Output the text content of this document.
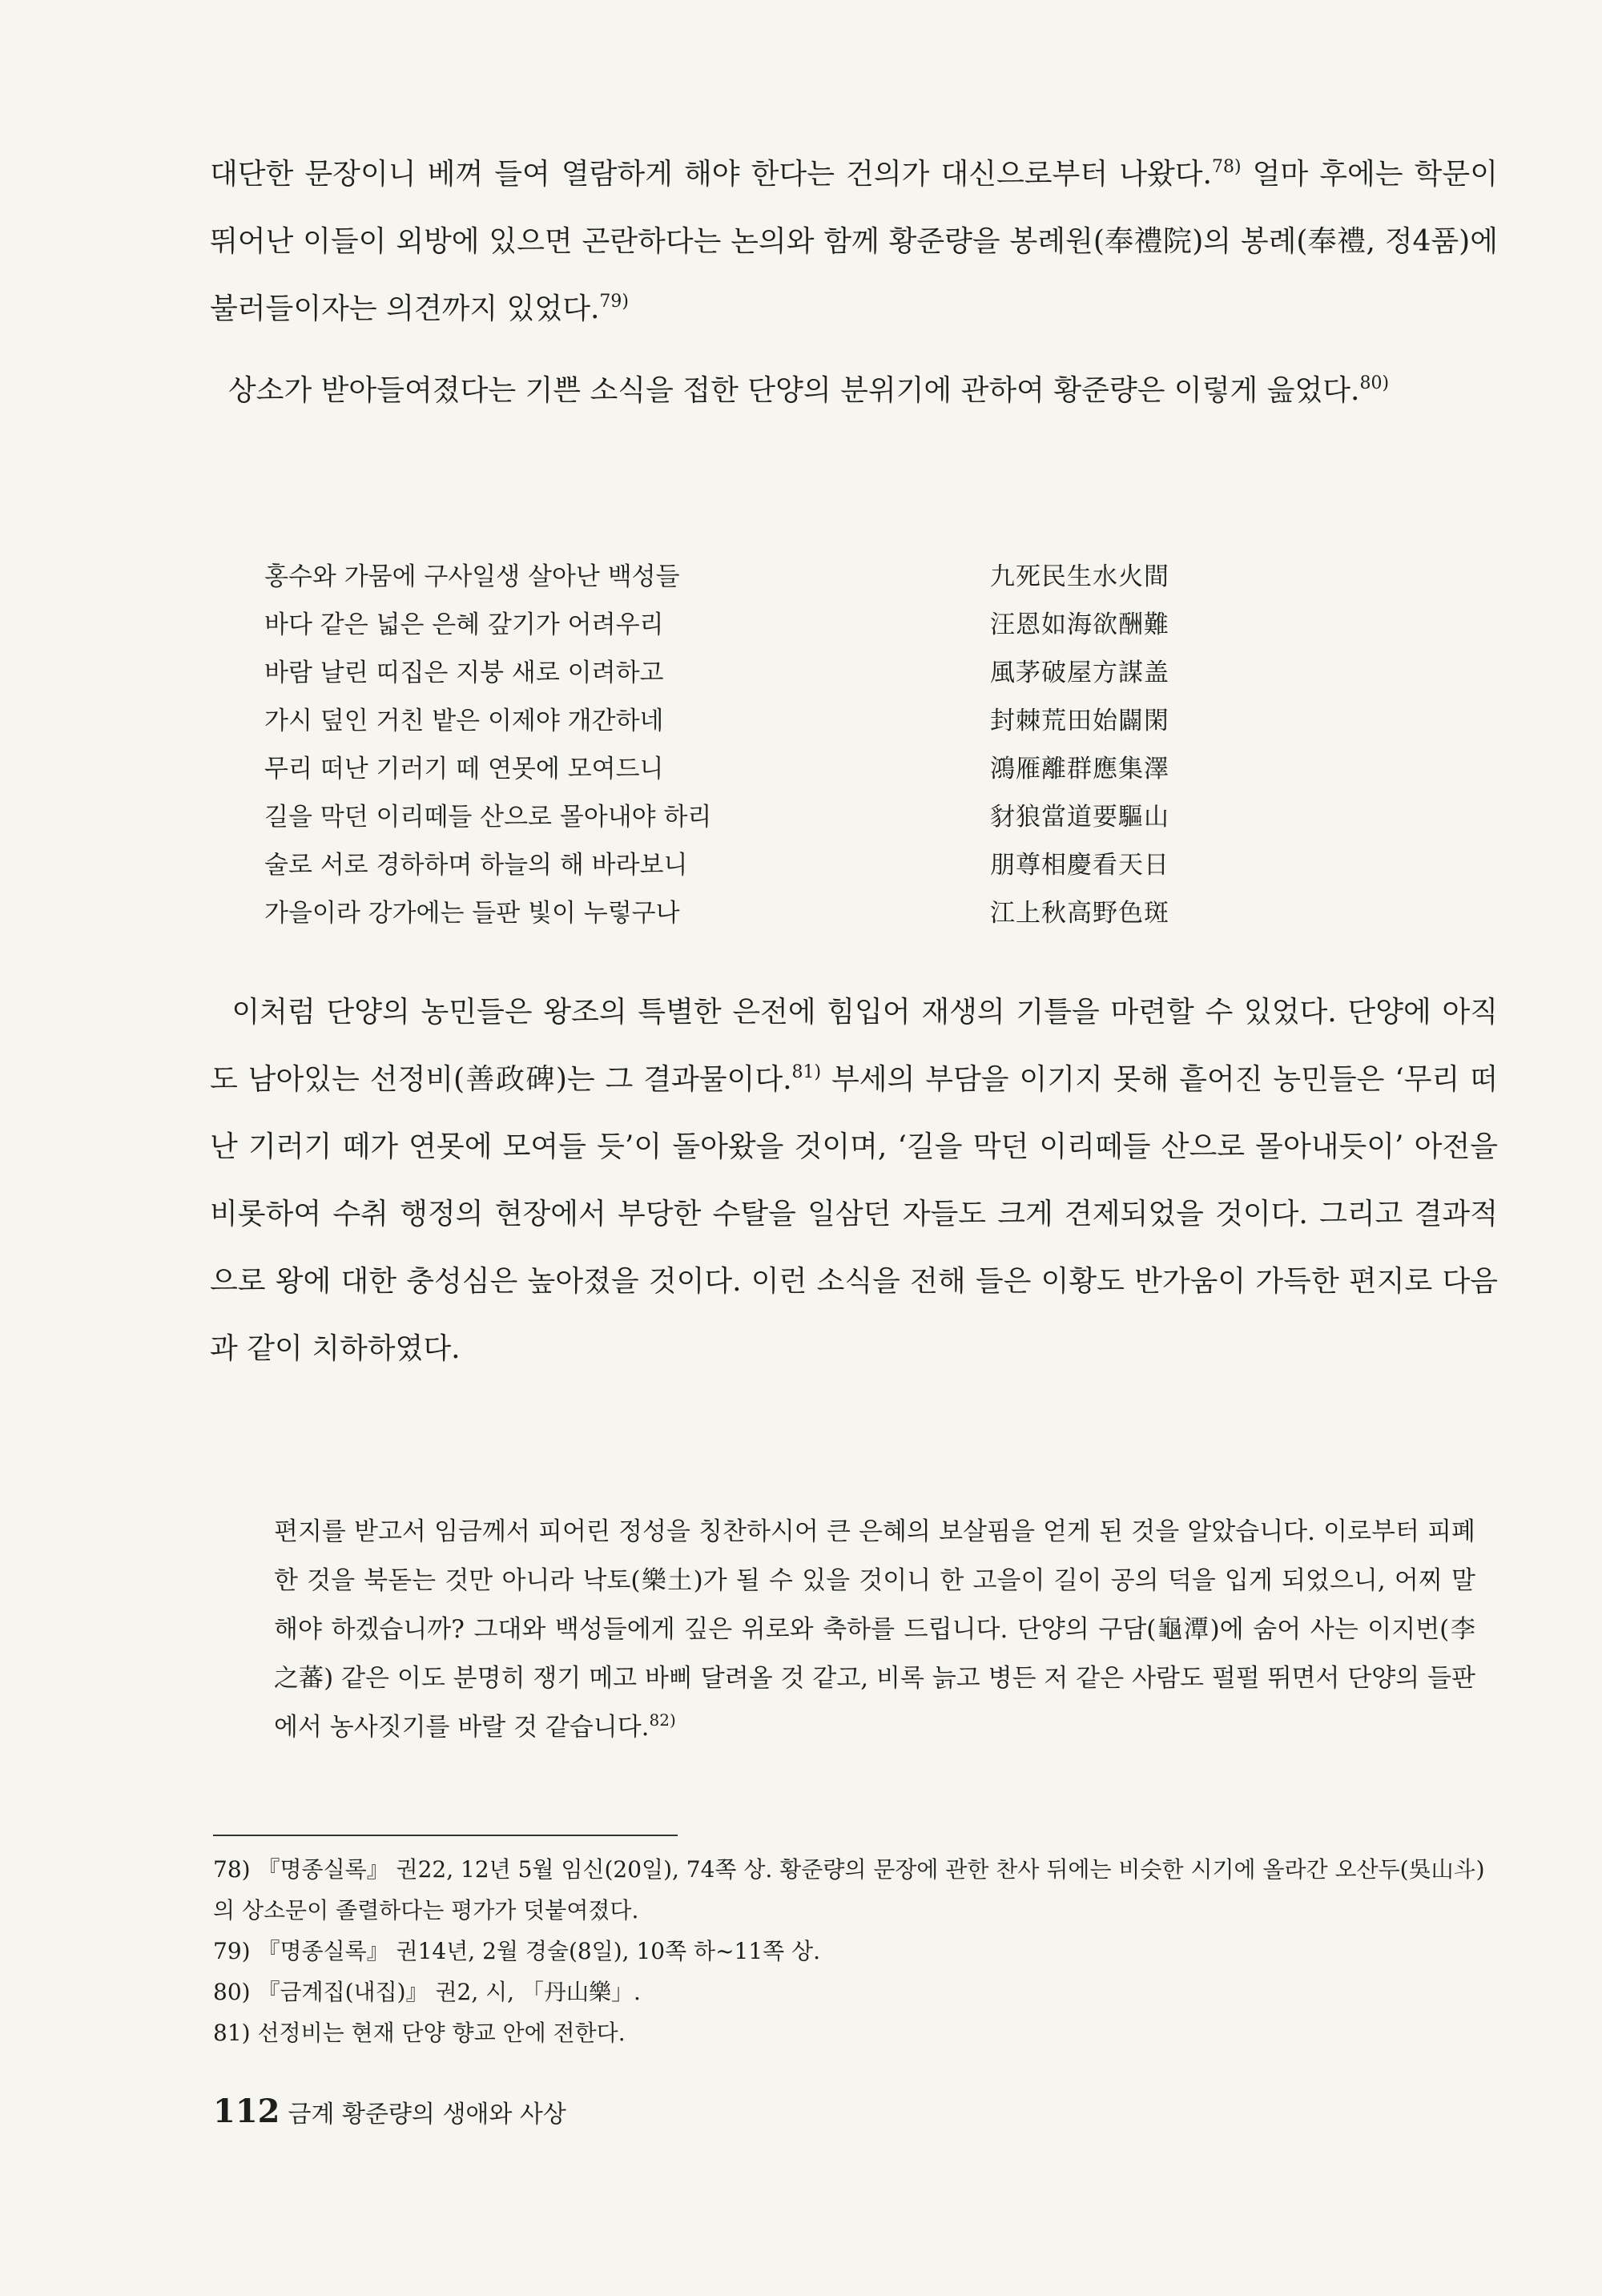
대단한 문장이니 베껴 들여 열람하게 해야 한다는 건의가 대신으로부터 나왔다.$^{78)}$ 얼마 후에는 학문이 뛰어난 이들이 외방에 있으면 곤란하다는 논의와 함께 황준량을 봉례원(奉禮院)의 봉례(奉禮, 정4품)에 불러들이자는 의견까지 있었다.$^{79)}$

상소가 받아들여졌다는 기쁜 소식을 접한 단양의 분위기에 관하여 황준량은 이렇게 읊었다.$^{80)}$

홍수와 가뭄에 구사일생 살아난 백성들	九死民生水火間
바다 같은 넓은 은혜 갚기가 어려우리	汪恩如海欲酬難
바람 날린 띠집은 지붕 새로 이려하고	風茅破屋方謀盖
가시 덮인 거친 밭은 이제야 개간하네	封棘荒田始闢閑
무리 떠난 기러기 떼 연못에 모여드니	鴻雁離群應集澤
길을 막던 이리떼들 산으로 몰아내야 하리	豺狼當道要驅山
술로 서로 경하하며 하늘의 해 바라보니	朋尊相慶看天日
가을이라 강가에는 들판 빛이 누렇구나	江上秋高野色斑

이처럼 단양의 농민들은 왕조의 특별한 은전에 힘입어 재생의 기틀을 마련할 수 있었다. 단양에 아직도 남아있는 선정비(善政碑)는 그 결과물이다.$^{81)}$ 부세의 부담을 이기지 못해 흩어진 농민들은 ‘무리 떠난 기러기 떼가 연못에 모여들 듯’이 돌아왔을 것이며, ‘길을 막던 이리떼들 산으로 몰아내듯이’ 아전을 비롯하여 수취 행정의 현장에서 부당한 수탈을 일삼던 자들도 크게 견제되었을 것이다. 그리고 결과적으로 왕에 대한 충성심은 높아졌을 것이다. 이런 소식을 전해 들은 이황도 반가움이 가득한 편지로 다음과 같이 치하하였다.

편지를 받고서 임금께서 피어린 정성을 칭찬하시어 큰 은혜의 보살핌을 얻게 된 것을 알았습니다. 이로부터 피폐한 것을 북돋는 것만 아니라 낙토(樂土)가 될 수 있을 것이니 한 고을이 길이 공의 덕을 입게 되었으니, 어찌 말해야 하겠습니까? 그대와 백성들에게 깊은 위로와 축하를 드립니다. 단양의 구담(龜潭)에 숨어 사는 이지번(李之蕃) 같은 이도 분명히 쟁기 메고 바삐 달려올 것 같고, 비록 늙고 병든 저 같은 사람도 펄펄 뛰면서 단양의 들판에서 농사짓기를 바랄 것 같습니다.$^{82)}$

78) 『명종실록』 권22, 12년 5월 임신(20일), 74쪽 상. 황준량의 문장에 관한 찬사 뒤에는 비슷한 시기에 올라간 오산두(吳山斗)의 상소문이 졸렬하다는 평가가 덧붙여졌다.
79) 『명종실록』 권14년, 2월 경술(8일), 10쪽 하~11쪽 상.
80) 『금계집(내집)』 권2, 시, 「丹山樂」.
81) 선정비는 현재 단양 향교 안에 전한다.
112 금계 황준량의 생애와 사상
